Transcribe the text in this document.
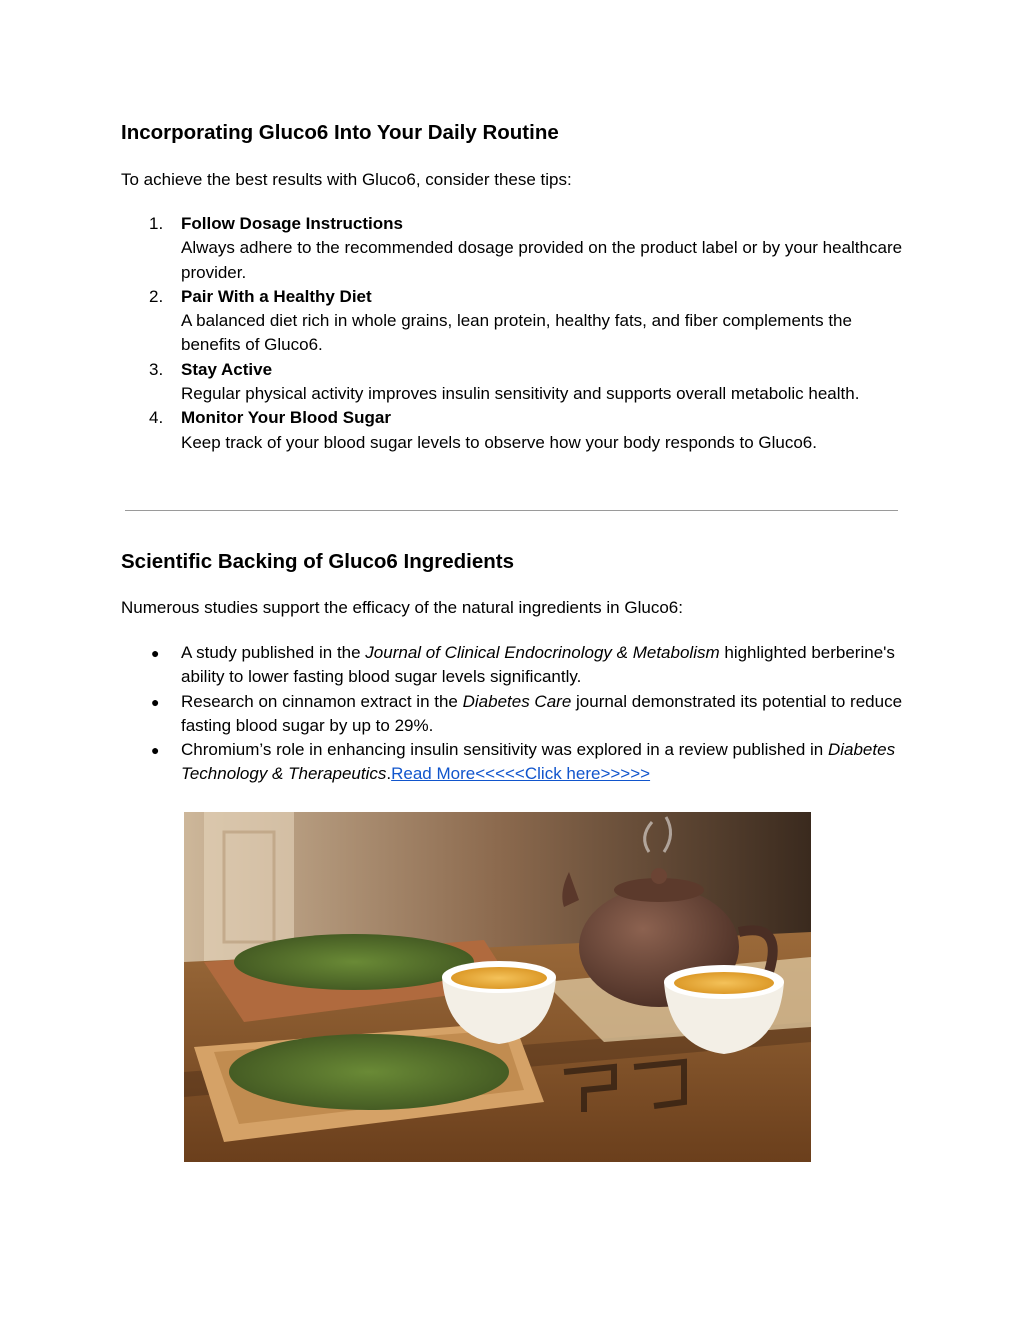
Incorporating Gluco6 Into Your Daily Routine

To achieve the best results with Gluco6, consider these tips:

1. Follow Dosage Instructions
Always adhere to the recommended dosage provided on the product label or by your healthcare provider.
2. Pair With a Healthy Diet
A balanced diet rich in whole grains, lean protein, healthy fats, and fiber complements the benefits of Gluco6.
3. Stay Active
Regular physical activity improves insulin sensitivity and supports overall metabolic health.
4. Monitor Your Blood Sugar
Keep track of your blood sugar levels to observe how your body responds to Gluco6.
Scientific Backing of Gluco6 Ingredients

Numerous studies support the efficacy of the natural ingredients in Gluco6:

● A study published in the Journal of Clinical Endocrinology & Metabolism highlighted berberine's ability to lower fasting blood sugar levels significantly.
● Research on cinnamon extract in the Diabetes Care journal demonstrated its potential to reduce fasting blood sugar by up to 29%.
● Chromium’s role in enhancing insulin sensitivity was explored in a review published in Diabetes Technology & Therapeutics.Read More<<<<<Click here>>>>>
